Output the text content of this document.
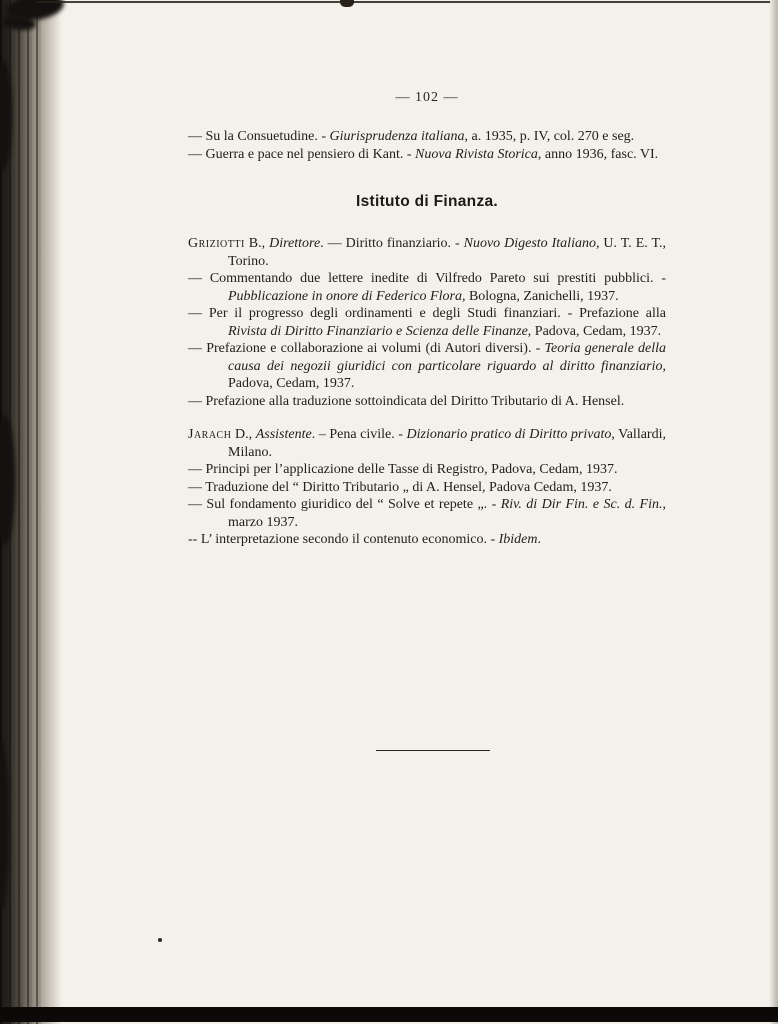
— 102 —

— Su la Consuetudine. - Giurisprudenza italiana, a. 1935, p. IV, col. 270 e seg.

— Guerra e pace nel pensiero di Kant. - Nuova Rivista Storica, anno 1936, fasc. VI.

Istituto di Finanza.

Griziotti B., Direttore. — Diritto finanziario. - Nuovo Digesto Italiano, U. T. E. T., Torino.

— Commentando due lettere inedite di Vilfredo Pareto sui prestiti pubblici. - Pubblicazione in onore di Federico Flora, Bologna, Zanichelli, 1937.

— Per il progresso degli ordinamenti e degli Studi finanziari. - Prefazione alla Rivista di Diritto Finanziario e Scienza delle Finanze, Padova, Cedam, 1937.

— Prefazione e collaborazione ai volumi (di Autori diversi). - Teoria generale della causa dei negozii giuridici con particolare riguardo al diritto finanziario, Padova, Cedam, 1937.

— Prefazione alla traduzione sottoindicata del Diritto Tributario di A. Hensel.

Jarach D., Assistente. – Pena civile. - Dizionario pratico di Diritto privato, Vallardi, Milano.

— Principi per l’applicazione delle Tasse di Registro, Padova, Cedam, 1937.

— Traduzione del “ Diritto Tributario „ di A. Hensel, Padova Cedam, 1937.

— Sul fondamento giuridico del “ Solve et repete „. - Riv. di Dir Fin. e Sc. d. Fin., marzo 1937.

-- L’ interpretazione secondo il contenuto economico. - Ibidem.
